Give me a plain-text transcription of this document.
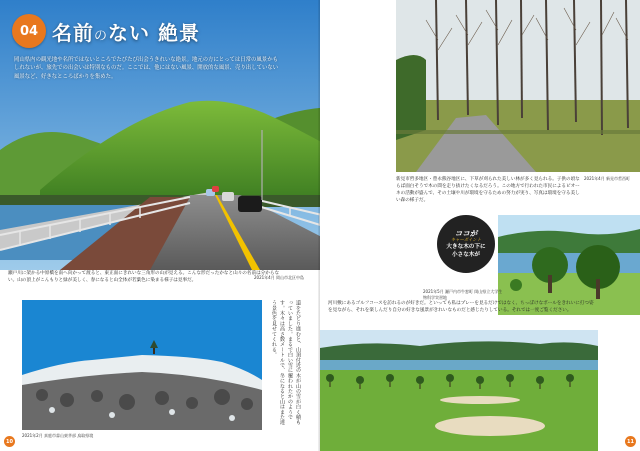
04 名前のない 絶景
岡山県内の観光地や名所ではないところでたびたび出会うきれいな絶景。地元の方にとっては日常の風景かもしれないが、旅先での出会いは特別なものだ。ここでは、他にはない風景、開放的な風景、売り出していない風景など、好きなところばかりを集めた。
2021年4月 岡山市北区中島
瀬戸川に架かる中原橋を南へ向かって渡ると、東正面にきれいな三角形の山が見える。こんな形だったかなと山々の名前は分からない。山の頂上がこんもりと緑が美しく、春になると山全体が若葉色に染まる様子は見事だ。
2021年2月 真庭市蒜山東茅部 鳥取県境
道をたどり進むと、山頂付近の木が山の雪が白く積もっていました。まるで白い雪に覆われたかのようです。木々は高さ数メートルで、冬になると山はまた違う景色を見せてくれる。
10
2021年4月 新見市哲西町
新見市哲多地区・豊永熊谷地区に、下草が刈られた美しい林が多く見られる。子供の頃ならば面白そうで木の間を走り抜けたくなるだろう。この地方で行われた市民によるピオーネの活動が盛んで、その土壌や川が環境を守るための努力が実り、写真は環境を守る美しい森の様子だ。
ココが
キャーポイント
大きな木の下に
小さな木が
2021年5月 瀬戸内市牛窓町 岡山県立大学生物科学実習地
河川敷にあるゴルフコースを訪れるのが好きだ。といっても私はプレーを見るだけではなく、ちっぽけなボールをきれいに打つ姿を見ながら、それを楽しんだり自分の好きな風景がきれいなものだと感じたりしている。それでは一度ご覧ください。
11
